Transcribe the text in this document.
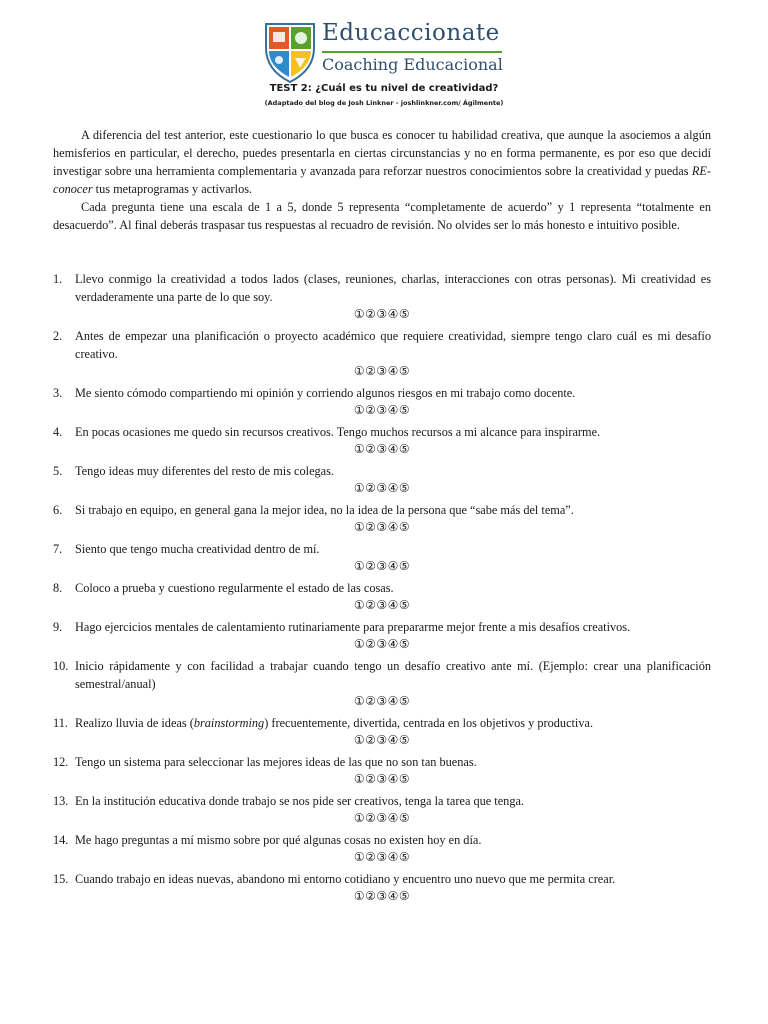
Educaccionate
Coaching Educacional
TEST 2: ¿Cuál es tu nivel de creatividad?
(Adaptado del blog de Josh Linkner - joshlinkner.com/ Ágilmente)

A diferencia del test anterior, este cuestionario lo que busca es conocer tu habilidad creativa, que aunque la asociemos a algún hemisferios en particular, el derecho, puedes presentarla en ciertas circunstancias y no en forma permanente, es por eso que decidí investigar sobre una herramienta complementaria y avanzada para reforzar nuestros conocimientos sobre la creatividad y puedas RE-conocer tus metaprogramas y activarlos.

Cada pregunta tiene una escala de 1 a 5, donde 5 representa “completamente de acuerdo” y 1 representa “totalmente en desacuerdo”. Al final deberás traspasar tus respuestas al recuadro de revisión. No olvides ser lo más honesto e intuitivo posible.

1. Llevo conmigo la creatividad a todos lados (clases, reuniones, charlas, interacciones con otras personas). Mi creatividad es verdaderamente una parte de lo que soy.
①②③④⑤
2. Antes de empezar una planificación o proyecto académico que requiere creatividad, siempre tengo claro cuál es mi desafío creativo.
①②③④⑤
3. Me siento cómodo compartiendo mi opinión y corriendo algunos riesgos en mi trabajo como docente.
①②③④⑤
4. En pocas ocasiones me quedo sin recursos creativos. Tengo muchos recursos a mi alcance para inspirarme.
①②③④⑤
5. Tengo ideas muy diferentes del resto de mis colegas.
①②③④⑤
6. Si trabajo en equipo, en general gana la mejor idea, no la idea de la persona que “sabe más del tema”.
①②③④⑤
7. Siento que tengo mucha creatividad dentro de mí.
①②③④⑤
8. Coloco a prueba y cuestiono regularmente el estado de las cosas.
①②③④⑤
9. Hago ejercicios mentales de calentamiento rutinariamente para prepararme mejor frente a mis desafíos creativos.
①②③④⑤
10. Inicio rápidamente y con facilidad a trabajar cuando tengo un desafío creativo ante mí. (Ejemplo: crear una planificación semestral/anual)
①②③④⑤
11. Realizo lluvia de ideas (brainstorming) frecuentemente, divertida, centrada en los objetivos y productiva.
①②③④⑤
12. Tengo un sistema para seleccionar las mejores ideas de las que no son tan buenas.
①②③④⑤
13. En la institución educativa donde trabajo se nos pide ser creativos, tenga la tarea que tenga.
①②③④⑤
14. Me hago preguntas a mí mismo sobre por qué algunas cosas no existen hoy en día.
①②③④⑤
15. Cuando trabajo en ideas nuevas, abandono mi entorno cotidiano y encuentro uno nuevo que me permita crear.
①②③④⑤
